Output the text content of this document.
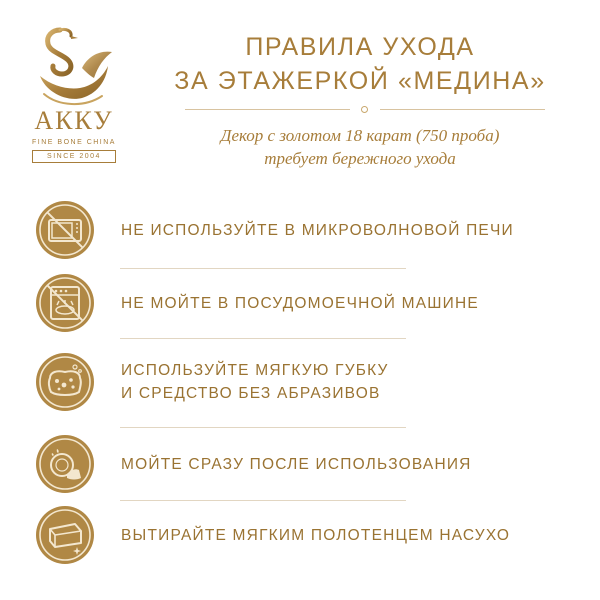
АККУ
FINE BONE CHINA
SINCE 2004
ПРАВИЛА УХОДА
ЗА ЭТАЖЕРКОЙ «МЕДИНА»
Декор с золотом 18 карат (750 проба)
требует бережного ухода
НЕ ИСПОЛЬЗУЙТЕ В МИКРОВОЛНОВОЙ ПЕЧИ
НЕ МОЙТЕ В ПОСУДОМОЕЧНОЙ МАШИНЕ
ИСПОЛЬЗУЙТЕ МЯГКУЮ ГУБКУ
И СРЕДСТВО БЕЗ АБРАЗИВОВ
МОЙТЕ СРАЗУ ПОСЛЕ ИСПОЛЬЗОВАНИЯ
ВЫТИРАЙТЕ МЯГКИМ ПОЛОТЕНЦЕМ НАСУХО
